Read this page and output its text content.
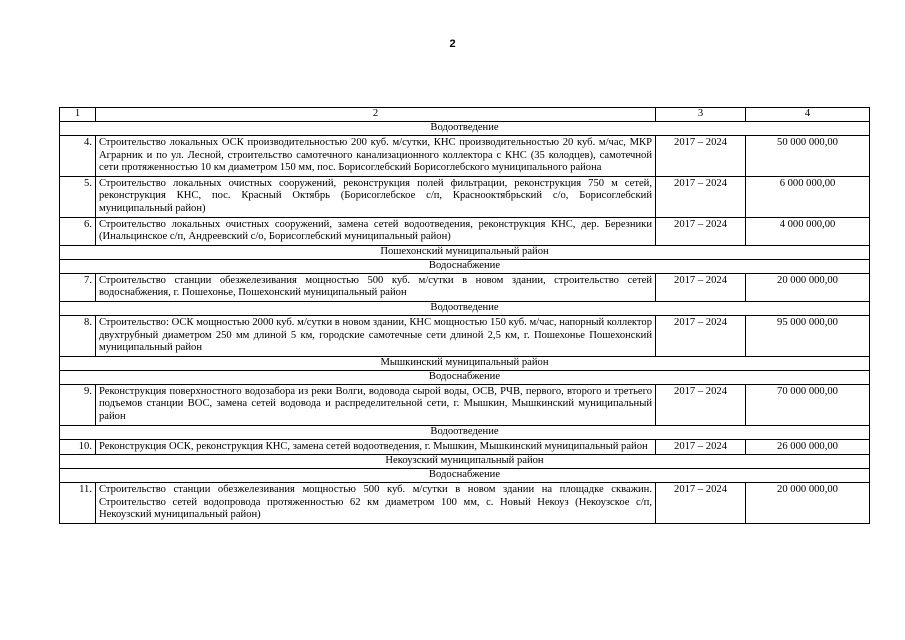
2
1	2	3	4
Водоотведение			
4.	Строительство локальных ОСК производительностью 200 куб. м/сутки, КНС производительностью 20 куб. м/час, МКР Аграрник и по ул. Лесной, строительство самотечного канализационного коллектора с КНС (35 колодцев), самотечной сети протяженностью 10 км диаметром 150 мм, пос. Борисоглебский Борисоглебского муниципального района	2017 – 2024	50 000 000,00
5.	Строительство локальных очистных сооружений, реконструкция полей фильтрации, реконструкция 750 м сетей, реконструкция КНС, пос. Красный Октябрь (Борисоглебское с/п, Краснооктябрьский с/о, Борисоглебский муниципальный район)	2017 – 2024	6 000 000,00
6.	Строительство локальных очистных сооружений, замена сетей водоотведения, реконструкция КНС, дер. Березники (Инальцинское с/п, Андреевский с/о, Борисоглебский муниципальный район)	2017 – 2024	4 000 000,00
Пошехонский муниципальный район			
Водоснабжение			
7.	Строительство станции обезжелезивания мощностью 500 куб. м/сутки в новом здании, строительство сетей водоснабжения, г. Пошехонье, Пошехонский муниципальный район	2017 – 2024	20 000 000,00
Водоотведение			
8.	Строительство: ОСК мощностью 2000 куб. м/сутки в новом здании, КНС мощностью 150 куб. м/час, напорный коллектор двухтрубный диаметром 250 мм длиной 5 км, городские самотечные сети длиной 2,5 км, г. Пошехонье Пошехонский муниципальный район	2017 – 2024	95 000 000,00
Мышкинский муниципальный район			
Водоснабжение			
9.	Реконструкция поверхностного водозабора из реки Волги, водовода сырой воды, ОСВ, РЧВ, первого, второго и третьего подъемов станции ВОС, замена сетей водовода и распределительной сети, г. Мышкин, Мышкинский муниципальный район	2017 – 2024	70 000 000,00
Водоотведение			
10.	Реконструкция ОСК, реконструкция КНС, замена сетей водоотведения, г. Мышкин, Мышкинский муниципальный район	2017 – 2024	26 000 000,00
Некоузский муниципальный район			
Водоснабжение			
11.	Строительство станции обезжелезивания мощностью 500 куб. м/сутки в новом здании на площадке скважин. Строительство сетей водопровода протяженностью 62 км диаметром 100 мм, с. Новый Некоуз (Некоузское с/п, Некоузский муниципальный район)	2017 – 2024	20 000 000,00
